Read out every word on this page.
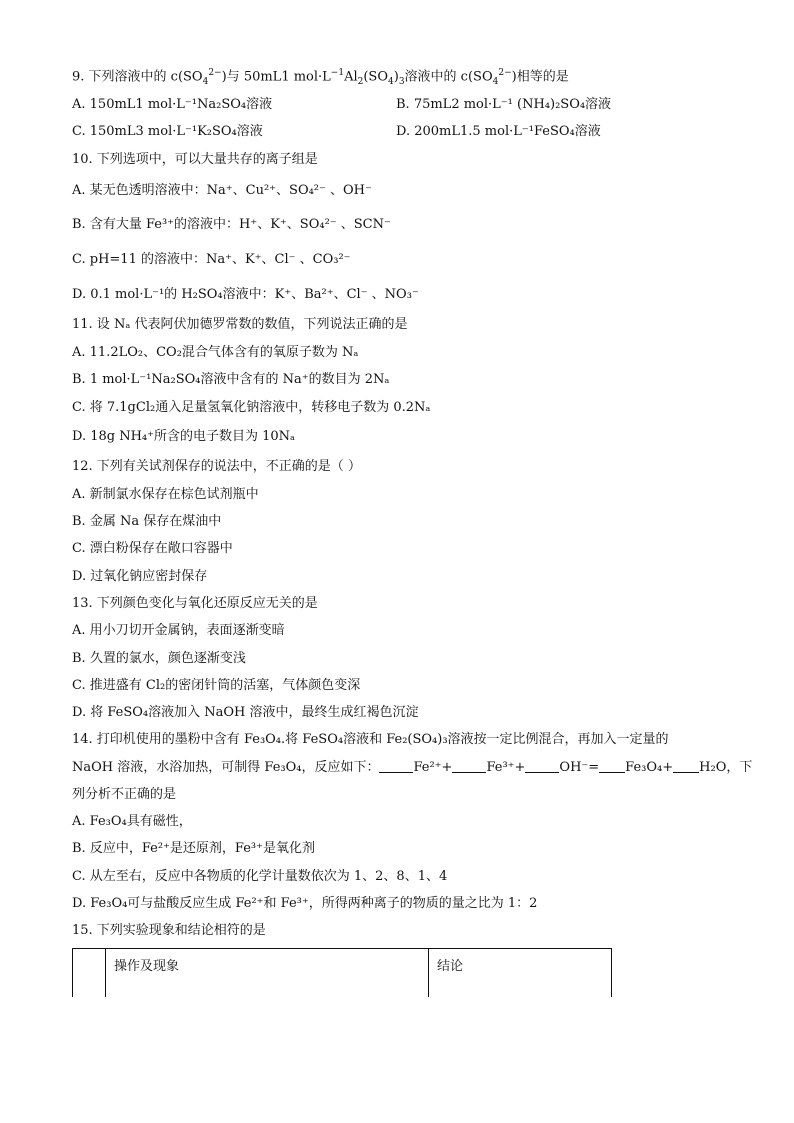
9. 下列溶液中的 $c(SO_4^{2-})$与 50mL1 $mol\cdot L^{-1}Al_2(SO_4)_3$溶液中的 $c(SO_4^{2-})$相等的是
A. 150mL1 mol·L⁻¹Na₂SO₄溶液	B. 75mL2 mol·L⁻¹ (NH₄)₂SO₄溶液
C. 150mL3 mol·L⁻¹K₂SO₄溶液	D. 200mL1.5 mol·L⁻¹FeSO₄溶液
10. 下列选项中，可以大量共存的离子组是
A. 某无色透明溶液中：Na⁺、Cu²⁺、SO₄²⁻ 、OH⁻
B. 含有大量 Fe³⁺的溶液中：H⁺、K⁺、SO₄²⁻ 、SCN⁻
C. pH=11 的溶液中：Na⁺、K⁺、Cl⁻ 、CO₃²⁻
D. 0.1 mol·L⁻¹的 H₂SO₄溶液中：K⁺、Ba²⁺、Cl⁻ 、NO₃⁻
11. 设 Nₐ 代表阿伏加德罗常数的数值，下列说法正确的是
A. 11.2LO₂、CO₂混合气体含有的氧原子数为 Nₐ
B. 1 mol·L⁻¹Na₂SO₄溶液中含有的 Na⁺的数目为 2Nₐ
C. 将 7.1gCl₂通入足量氢氧化钠溶液中，转移电子数为 0.2Nₐ
D. 18g NH₄⁺所含的电子数目为 10Nₐ
12. 下列有关试剂保存的说法中，不正确的是（ ）
A. 新制氯水保存在棕色试剂瓶中
B. 金属 Na 保存在煤油中
C. 漂白粉保存在敞口容器中
D. 过氧化钠应密封保存
13. 下列颜色变化与氧化还原反应无关的是
A. 用小刀切开金属钠，表面逐渐变暗
B. 久置的氯水，颜色逐渐变浅
C. 推进盛有 Cl₂的密闭针筒的活塞，气体颜色变深
D. 将 FeSO₄溶液加入 NaOH 溶液中，最终生成红褐色沉淀
14. 打印机使用的墨粉中含有 Fe₃O₄.将 FeSO₄溶液和 Fe₂(SO₄)₃溶液按一定比例混合，再加入一定量的
NaOH 溶液，水浴加热，可制得 Fe₃O₄，反应如下：	Fe²⁺+	Fe³⁺+	OH⁻= Fe₃O₄+ H₂O，下
列分析不正确的是
A. Fe₃O₄具有磁性，
B. 反应中，Fe²⁺是还原剂，Fe³⁺是氧化剂
C. 从左至右，反应中各物质的化学计量数依次为 1、2、8、1、4
D. Fe₃O₄可与盐酸反应生成 Fe²⁺和 Fe³⁺，所得两种离子的物质的量之比为 1：2
15. 下列实验现象和结论相符的是
	操作及现象	结论
